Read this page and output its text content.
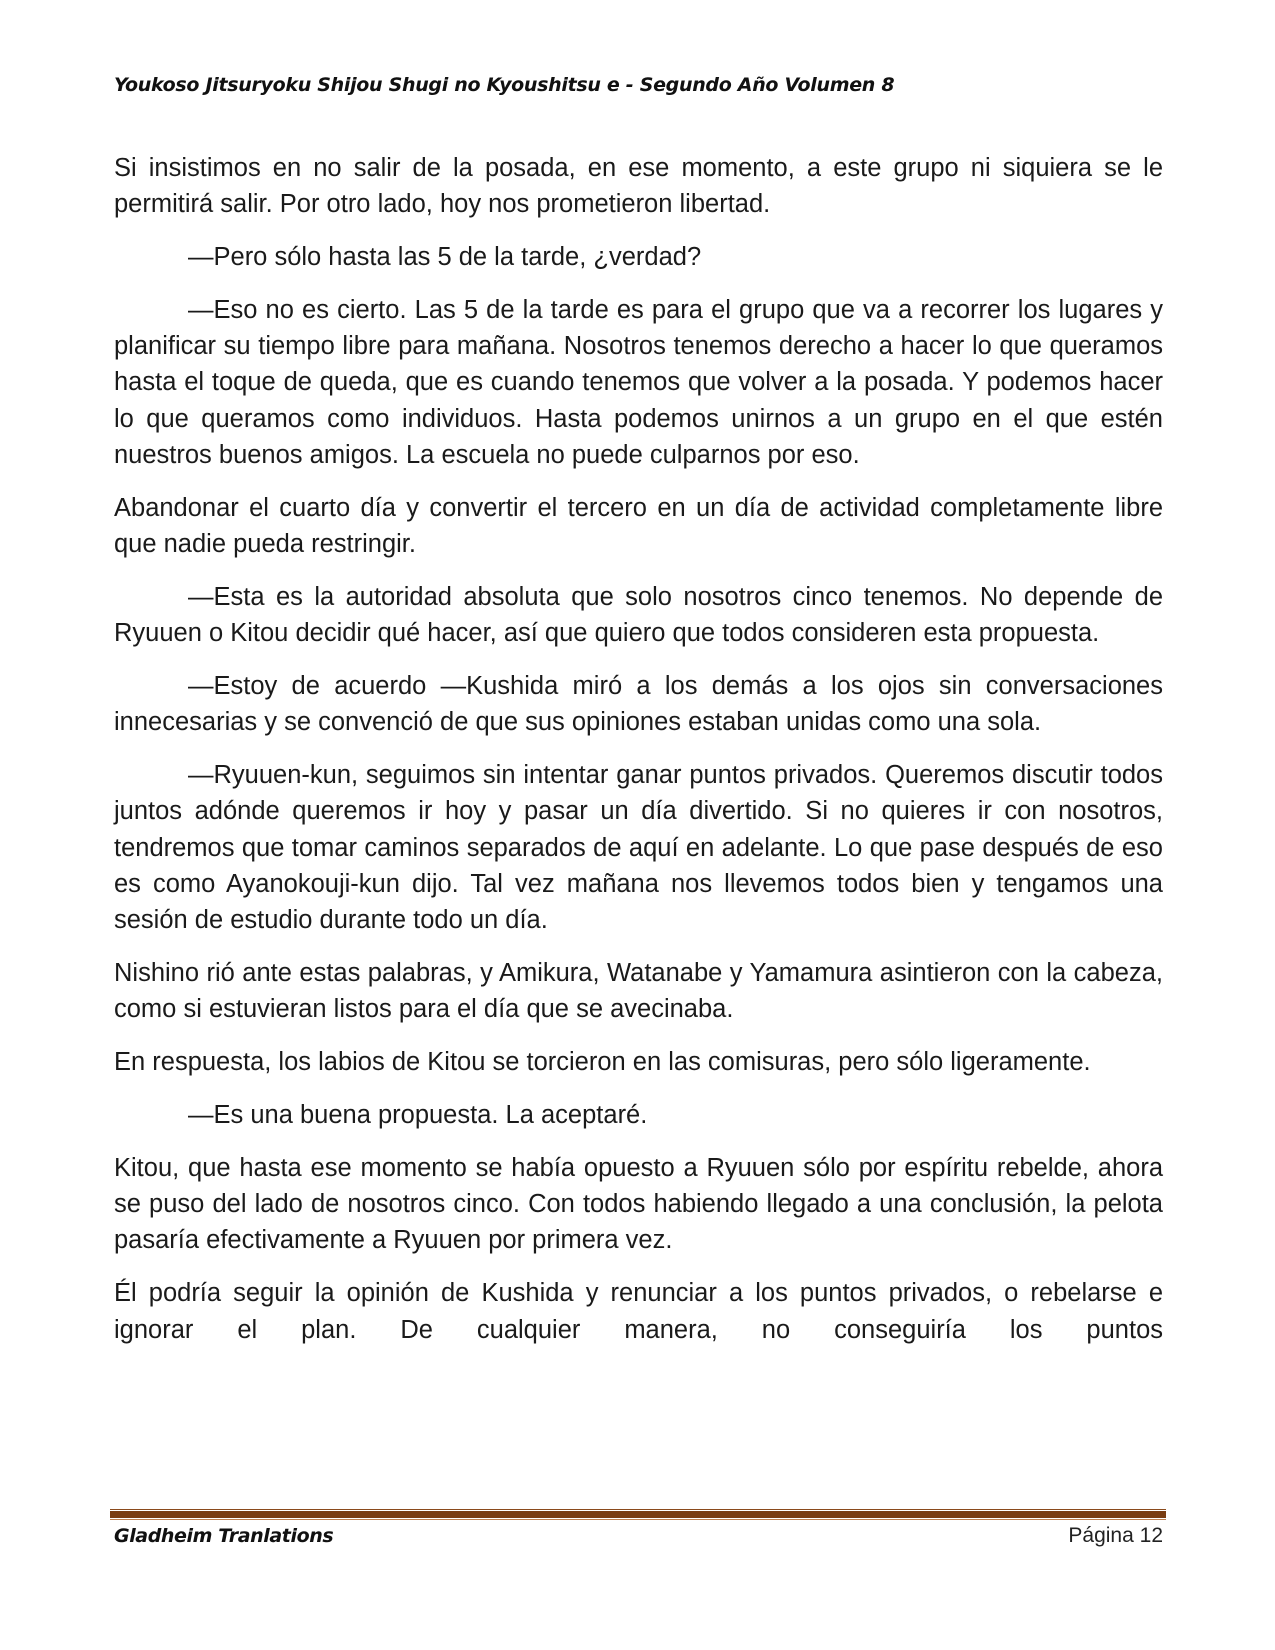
Youkoso Jitsuryoku Shijou Shugi no Kyoushitsu e - Segundo Año Volumen 8

Si insistimos en no salir de la posada, en ese momento, a este grupo ni siquiera se le permitirá salir. Por otro lado, hoy nos prometieron libertad.

—Pero sólo hasta las 5 de la tarde, ¿verdad?

—Eso no es cierto. Las 5 de la tarde es para el grupo que va a recorrer los lugares y planificar su tiempo libre para mañana. Nosotros tenemos derecho a hacer lo que queramos hasta el toque de queda, que es cuando tenemos que volver a la posada. Y podemos hacer lo que queramos como individuos. Hasta podemos unirnos a un grupo en el que estén nuestros buenos amigos. La escuela no puede culparnos por eso.

Abandonar el cuarto día y convertir el tercero en un día de actividad completamente libre que nadie pueda restringir.

—Esta es la autoridad absoluta que solo nosotros cinco tenemos. No depende de Ryuuen o Kitou decidir qué hacer, así que quiero que todos consideren esta propuesta.

—Estoy de acuerdo —Kushida miró a los demás a los ojos sin conversaciones innecesarias y se convenció de que sus opiniones estaban unidas como una sola.

—Ryuuen-kun, seguimos sin intentar ganar puntos privados. Queremos discutir todos juntos adónde queremos ir hoy y pasar un día divertido. Si no quieres ir con nosotros, tendremos que tomar caminos separados de aquí en adelante. Lo que pase después de eso es como Ayanokouji-kun dijo. Tal vez mañana nos llevemos todos bien y tengamos una sesión de estudio durante todo un día.

Nishino rió ante estas palabras, y Amikura, Watanabe y Yamamura asintieron con la cabeza, como si estuvieran listos para el día que se avecinaba.

En respuesta, los labios de Kitou se torcieron en las comisuras, pero sólo ligeramente.

—Es una buena propuesta. La aceptaré.

Kitou, que hasta ese momento se había opuesto a Ryuuen sólo por espíritu rebelde, ahora se puso del lado de nosotros cinco. Con todos habiendo llegado a una conclusión, la pelota pasaría efectivamente a Ryuuen por primera vez.

Él podría seguir la opinión de Kushida y renunciar a los puntos privados, o rebelarse e ignorar el plan. De cualquier manera, no conseguiría los puntos

Gladheim Tranlations	Página 12
